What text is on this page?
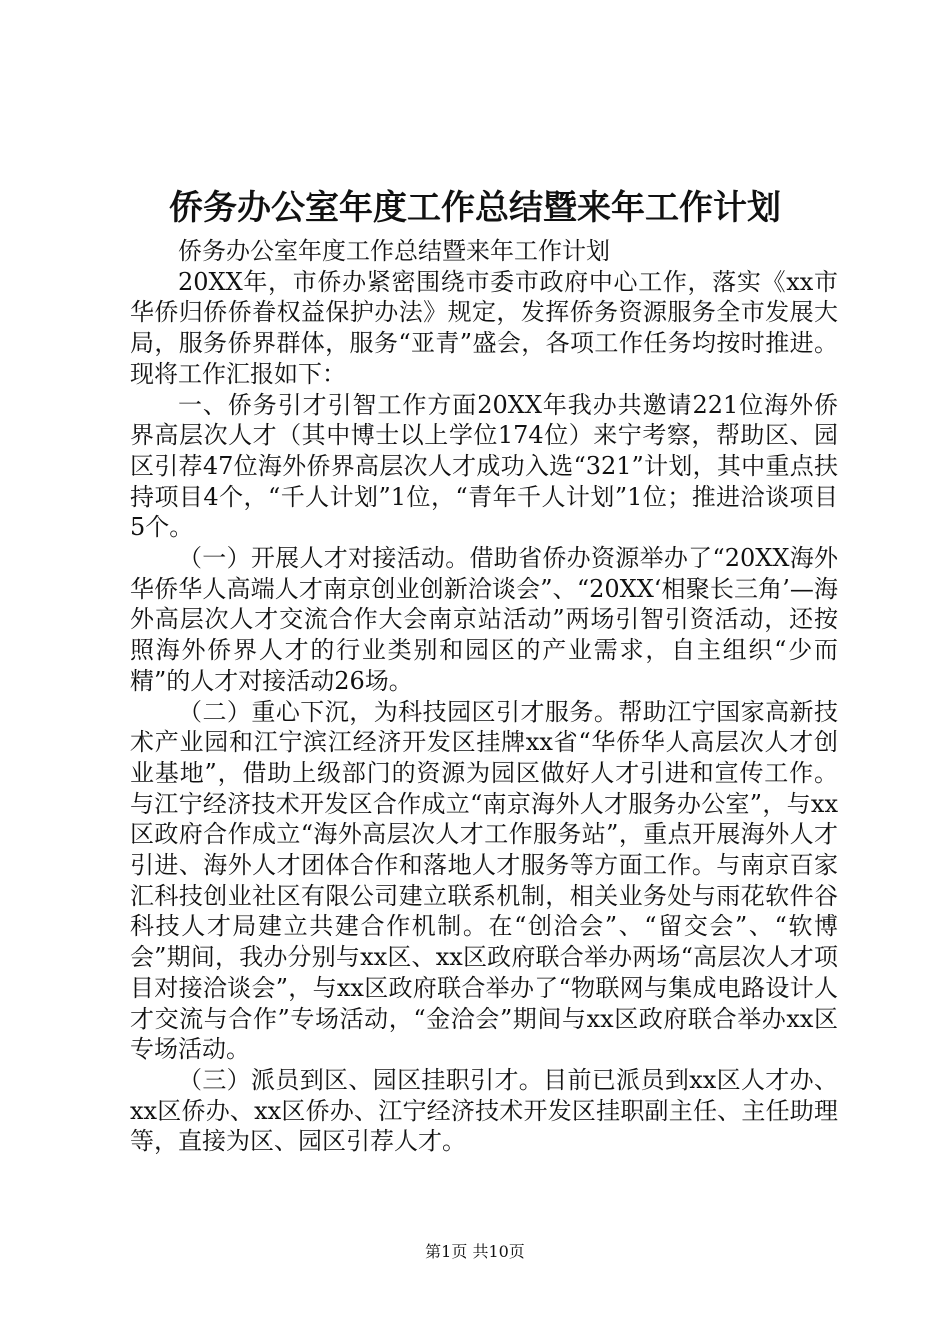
侨务办公室年度工作总结暨来年工作计划

侨务办公室年度工作总结暨来年工作计划

20XX年，市侨办紧密围绕市委市政府中心工作，落实《xx市华侨归侨侨眷权益保护办法》规定，发挥侨务资源服务全市发展大局，服务侨界群体，服务“亚青”盛会，各项工作任务均按时推进。现将工作汇报如下：

一、侨务引才引智工作方面20XX年我办共邀请221位海外侨界高层次人才（其中博士以上学位174位）来宁考察，帮助区、园区引荐47位海外侨界高层次人才成功入选“321”计划，其中重点扶持项目4个，“千人计划”1位，“青年千人计划”1位；推进洽谈项目5个。

（一）开展人才对接活动。借助省侨办资源举办了“20XX海外华侨华人高端人才南京创业创新洽谈会”、“20XX‘相聚长三角’—海外高层次人才交流合作大会南京站活动”两场引智引资活动，还按照海外侨界人才的行业类别和园区的产业需求，自主组织“少而精”的人才对接活动26场。

（二）重心下沉，为科技园区引才服务。帮助江宁国家高新技术产业园和江宁滨江经济开发区挂牌xx省“华侨华人高层次人才创业基地”，借助上级部门的资源为园区做好人才引进和宣传工作。与江宁经济技术开发区合作成立“南京海外人才服务办公室”，与xx区政府合作成立“海外高层次人才工作服务站”，重点开展海外人才引进、海外人才团体合作和落地人才服务等方面工作。与南京百家汇科技创业社区有限公司建立联系机制，相关业务处与雨花软件谷科技人才局建立共建合作机制。在“创洽会”、“留交会”、“软博会”期间，我办分别与xx区、xx区政府联合举办两场“高层次人才项目对接洽谈会”，与xx区政府联合举办了“物联网与集成电路设计人才交流与合作”专场活动，“金洽会”期间与xx区政府联合举办xx区专场活动。

（三）派员到区、园区挂职引才。目前已派员到xx区人才办、xx区侨办、xx区侨办、江宁经济技术开发区挂职副主任、主任助理等，直接为区、园区引荐人才。

第1页 共10页
